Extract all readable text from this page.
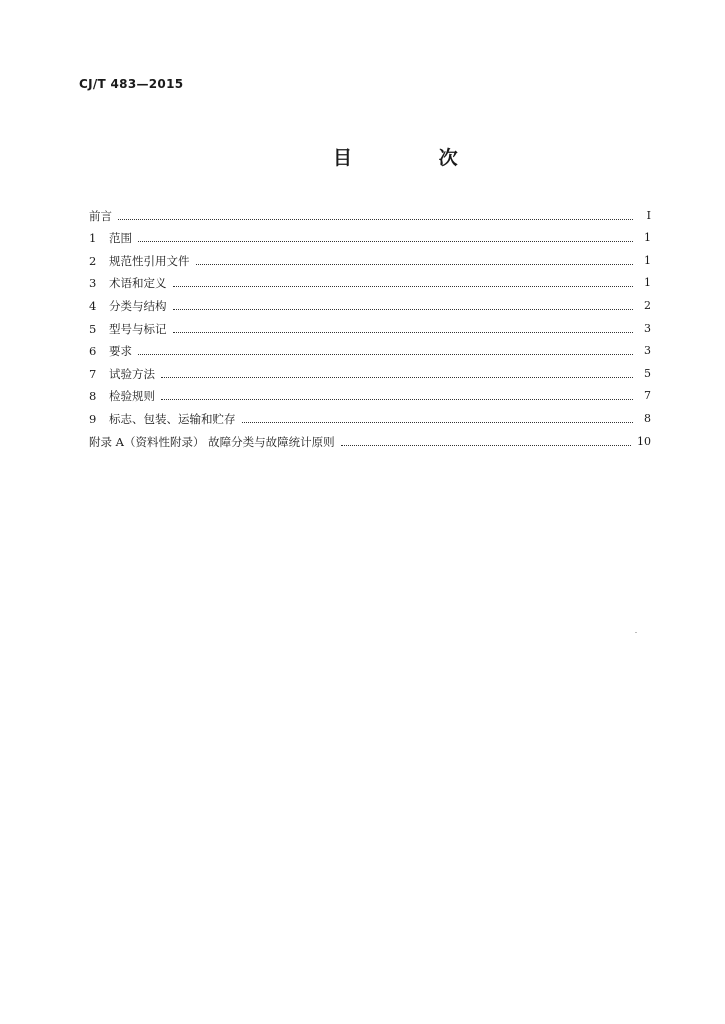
CJ/T 483—2015
目 次
前言	I
1	范围	1
2	规范性引用文件	1
3	术语和定义	1
4	分类与结构	2
5	型号与标记	3
6	要求	3
7	试验方法	5
8	检验规则	7
9	标志、包装、运输和贮存	8
附录 A（资料性附录） 故障分类与故障统计原则	10
